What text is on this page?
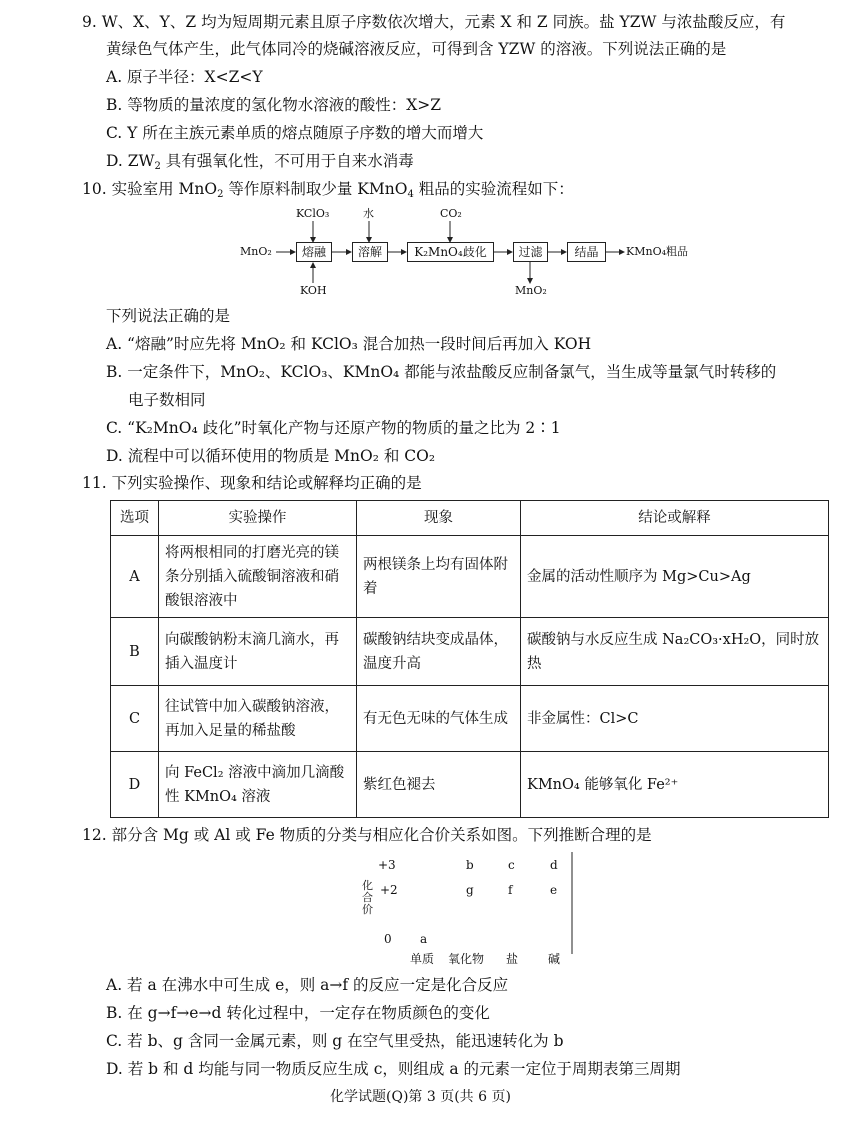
9. W、X、Y、Z 均为短周期元素且原子序数依次增大，元素 X 和 Z 同族。盐 YZW 与浓盐酸反应，有
黄绿色气体产生，此气体同冷的烧碱溶液反应，可得到含 YZW 的溶液。下列说法正确的是
A. 原子半径：X<Z<Y
B. 等物质的量浓度的氢化物水溶液的酸性：X>Z
C. Y 所在主族元素单质的熔点随原子序数的增大而增大
D. $ZW_2$ 具有强氧化性，不可用于自来水消毒
10. 实验室用 MnO$_2$ 等作原料制取少量 KMnO$_4$ 粗品的实验流程如下：
MnO₂	熔融	溶解	K₂MnO₄歧化	过滤	结晶	KMnO₄粗品
KClO₃
KOH
水	CO₂
MnO₂
下列说法正确的是
A. “熔融”时应先将 MnO₂ 和 KClO₃ 混合加热一段时间后再加入 KOH
B. 一定条件下，MnO₂、KClO₃、KMnO₄ 都能与浓盐酸反应制备氯气，当生成等量氯气时转移的
电子数相同
C. “K₂MnO₄ 歧化”时氧化产物与还原产物的物质的量之比为 2∶1
D. 流程中可以循环使用的物质是 MnO₂ 和 CO₂
11. 下列实验操作、现象和结论或解释均正确的是
选项	实验操作	现象	结论或解释
A	将两根相同的打磨光亮的镁条分别插入硫酸铜溶液和硝酸银溶液中	两根镁条上均有固体附着	金属的活动性顺序为 Mg>Cu>Ag
B	向碳酸钠粉末滴几滴水，再插入温度计	碳酸钠结块变成晶体，温度升高	碳酸钠与水反应生成 Na₂CO₃·xH₂O，同时放热
C	往试管中加入碳酸钠溶液，再加入足量的稀盐酸	有无色无味的气体生成	非金属性：Cl>C
D	向 FeCl₂ 溶液中滴加几滴酸性 KMnO₄ 溶液	紫红色褪去	KMnO₄ 能够氧化 Fe²⁺
12. 部分含 Mg 或 Al 或 Fe 物质的分类与相应化合价关系如图。下列推断合理的是
+3
+2
0
化合价
b	c	d
g	f	e
a
单质 氧化物 盐 碱
A. 若 a 在沸水中可生成 e，则 a→f 的反应一定是化合反应
B. 在 g→f→e→d 转化过程中，一定存在物质颜色的变化
C. 若 b、g 含同一金属元素，则 g 在空气里受热，能迅速转化为 b
D. 若 b 和 d 均能与同一物质反应生成 c，则组成 a 的元素一定位于周期表第三周期
化学试题(Q)第 3 页(共 6 页)
